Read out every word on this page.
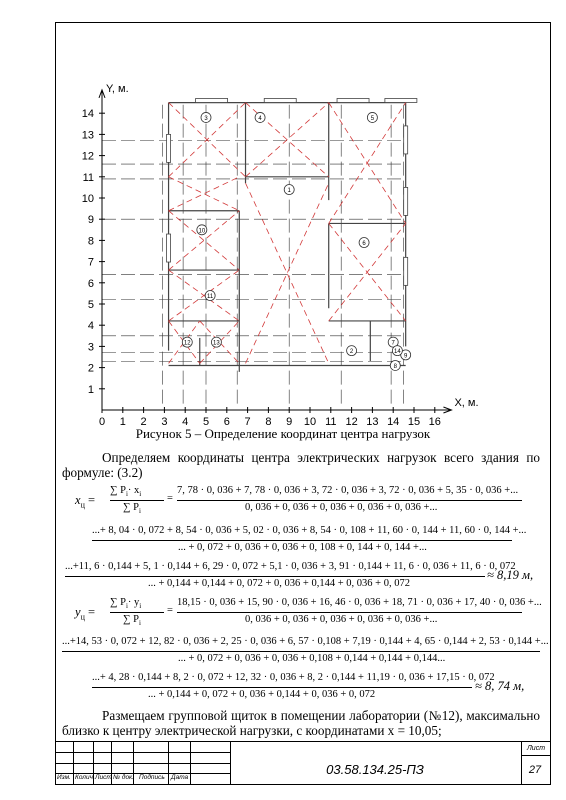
Y, м.
X, м.
1
2
3
4
5
6
7
8
9
10
11
12
13
14
0 1 2 3 4 5 6 7 8 9 10 11 12 13 14 15 16
1
2
3	4	5
6
7
8
9
10
11
12	13
14
Рисунок 5 – Определение координат центра нагрузок
Определяем координаты центра электрических нагрузок всего здания по формуле: (3.2)
$x_ц$ =
∑ $P_i\cdot x_i$
∑ $P_i$
=
7, 78 · 0, 036 + 7, 78 · 0, 036 + 3, 72 · 0, 036 + 3, 72 · 0, 036 + 5, 35 · 0, 036 +...
0, 036 + 0, 036 + 0, 036 + 0, 036 + 0, 036 +...
...+ 8, 04 · 0, 072 + 8, 54 · 0, 036 + 5, 02 · 0, 036 + 8, 54 · 0, 108 + 11, 60 · 0, 144 + 11, 60 · 0, 144 +...
... + 0, 072 + 0, 036 + 0, 036 + 0, 108 + 0, 144 + 0, 144 +...
...+11, 6 · 0,144 + 5, 1 · 0,144 + 6, 29 · 0, 072 + 5,1 · 0, 036 + 3, 91 · 0,144 + 11, 6 · 0, 036 + 11, 6 · 0, 072
... + 0,144 + 0,144 + 0, 072 + 0, 036 + 0,144 + 0, 036 + 0, 072
≈ 8,19 м,
$y_ц$ =
∑ $P_i\cdot y_i$
∑ $P_i$
=
18,15 · 0, 036 + 15, 90 · 0, 036 + 16, 46 · 0, 036 + 18, 71 · 0, 036 + 17, 40 · 0, 036 +...
0, 036 + 0, 036 + 0, 036 + 0, 036 + 0, 036 +...
...+14, 53 · 0, 072 + 12, 82 · 0, 036 + 2, 25 · 0, 036 + 6, 57 · 0,108 + 7,19 · 0,144 + 4, 65 · 0,144 + 2, 53 · 0,144 +...
... + 0, 072 + 0, 036 + 0, 036 + 0,108 + 0,144 + 0,144 + 0,144...
...+ 4, 28 · 0,144 + 8, 2 · 0, 072 + 12, 32 · 0, 036 + 8, 2 · 0,144 + 11,19 · 0, 036 + 17,15 · 0, 072
... + 0,144 + 0, 072 + 0, 036 + 0,144 + 0, 036 + 0, 072
≈ 8, 74 м,
Размещаем групповой щиток в помещении лаборатории (№12), максимально близко к центру электрической нагрузки, с координатами x = 10,05;
Изм. Колич. Лист № док. Подпись Дата
03.58.134.25-ПЗ
Лист
27
